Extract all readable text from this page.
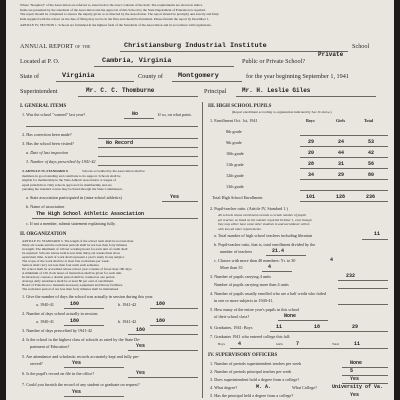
Where "Required" of the Association are referred to, insert below the exact contents of the item. The requirements are shown in italics.
Items are presented by the standards of the Association and the approval of this School by the State Department of Education is required.
The report should be completed to answer the inquiry given or as directed by the Association. The report should be promptly and exactly and fully.
Item supplied with the school on the date of filing may not be in the files and should be furnished. Please furnish the report by December 1.
ARTICLE IV, SECTION 1. Schools are furnished in the highest form of the Standards of the Association and in accordance with regulations.
ANNUAL REPORT of the	Christiansburg Industrial Institute	School
Located at P. O.	Cambria, Virginia	Public or Private School?
Private
State of	Virginia	County of Montgomery	for the year beginning September 1, 1941
Superintendent	Mr. C. C. Thomburne	Principal	Mr. H. Leslie Giles
I. GENERAL ITEMS
1. Was the school "warned" last year?	No	If so, on what point.
2. Has correction been made?
3. Has the school been visited?	No Record
a. Date of last inspection
3. Number of days prescribed by 1941-42
4. ARTICLE IV, STANDARD 9.	Schools accredited by the Association shall be
members in good standing and contribute to its support. Schools shall be
eligible for membership in the State Athletic Association or league of
equal jurisdiction. Only schools approved for membership and are
pursuing the standard course may be listed through the State Commission.
a. State association participated in (intra-school athletics)	Yes
b. Name of association
The High School Athletic Association
c. If not a member, submit statement explaining fully.
II. ORGANIZATION
ARTICLE IV, STANDARD 5. The length of the school term shall be not less than
thirty-six weeks and the recitation periods shall be not less than forty minutes
in length. The minimum of 120 net working hours for each unit of credit shall
be required. Schools whose term is less than thirty-six weeks must show
equivalent time. A unit of work shall represent a year's study in any subject.
The scope of the work shall be at least four recitations per week.
Seniors shall carry not less than four units each semester.
No school shall be accredited whose school year consists of fewer than 180 days.
A minimum of 120 clock hours of instruction shall be given for each unit.
In laboratory courses a double period shall be counted as one period.
Average daily attendance shall be at least 80 per cent of enrollment.
Board of Education to maintain necessary equipment and library facilities.
The recitation period of not less than forty minutes shall be maintained.
1. Give the number of days the school was actually in session during this year.
a. 1940-41	180	b. 1941-42	180
2. Number of days school actually in session:
a. 1940-41	180	b. 1941-42	180
3. Number of days prescribed by 1941-42	180
4. Is the school in the highest class of schools as rated by the State De-
partment of Education?	Yes
5. Are attendance and scholastic records accurately kept and fully pre-
served?	Yes
6. Is the pupil's record on file in the office?	Yes
7. Could you furnish the record of any student or graduate on request?
Yes
III. HIGH SCHOOL PUPILS
(Report enrollment according to organization indicated by Sec. II above.)
1. Enrollment Oct. 1st, 1941	Boys	Girls	Total
8th grade
9th grade	29	24	53
10th grade	20	44	42
11th grade	28	31	56
12th grade	34	29	80
13th grade
Total High School Enrollment	101	128	236
2. Pupil-teacher ratio. (Article IV, Standard 1.)
All schools whose enrollment exceeds a certain number of pupils
per teacher, as listed on the number reported October 1, even though
they may either have some other students in and accordance with it.
with less all other requirements.
a. Total number of high school teachers including librarian	11
b. Pupil-teacher ratio, that is, total enrollment divided by the
number of teachers	21.4
c. Classes with more than 40 members: Yr. to 30	4
More than 35	4
3. Number of pupils carrying 4 units	232
Number of pupils carrying more than 4 units
4. Number of pupils usually enrolled who are a half credit who failed
in one or more subjects in 1940-41.
5. How many of the entire year's pupils in this school
of their school class?	None
6. Graduates, 1941: Boys	11	18	29
7. Graduates 1941 who entered college this fall:
4	7	11
Boys	Girls	Total
IV. SUPERVISORY OFFICERS
1. Number of periods superintendent teaches per week	None
2. Number of periods principal teaches per week	5
3. Does superintendent hold a degree from a college?	Yes
4. What degree?	M. A.	What College?	University of Va.
5. Has the principal held a degree from a college?	Yes
